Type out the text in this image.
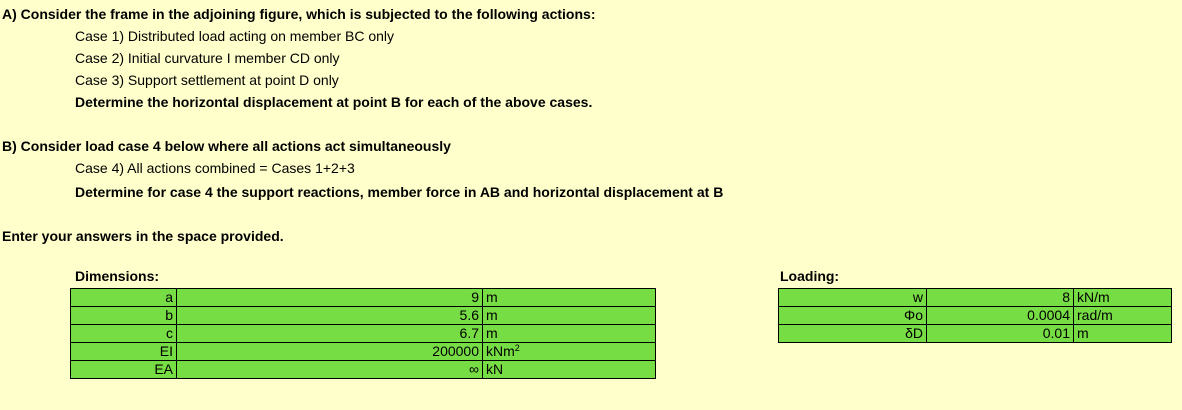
A) Consider the frame in the adjoining figure, which is subjected to the following actions:
Case 1) Distributed load acting on member BC only
Case 2) Initial curvature I member CD only
Case 3) Support settlement at point D only
Determine the horizontal displacement at point B for each of the above cases.
B) Consider load case 4 below where all actions act simultaneously
Case 4) All actions combined = Cases 1+2+3
Determine for case 4 the support reactions, member force in AB and horizontal displacement at B
Enter your answers in the space provided.
Dimensions:
a	9	m
b	5.6	m
c	6.7	m
EI	200000	kNm$^2$
EA	∞	kN
Loading:
w	8	kN/m
Φo	0.0004	rad/m
δD	0.01	m
